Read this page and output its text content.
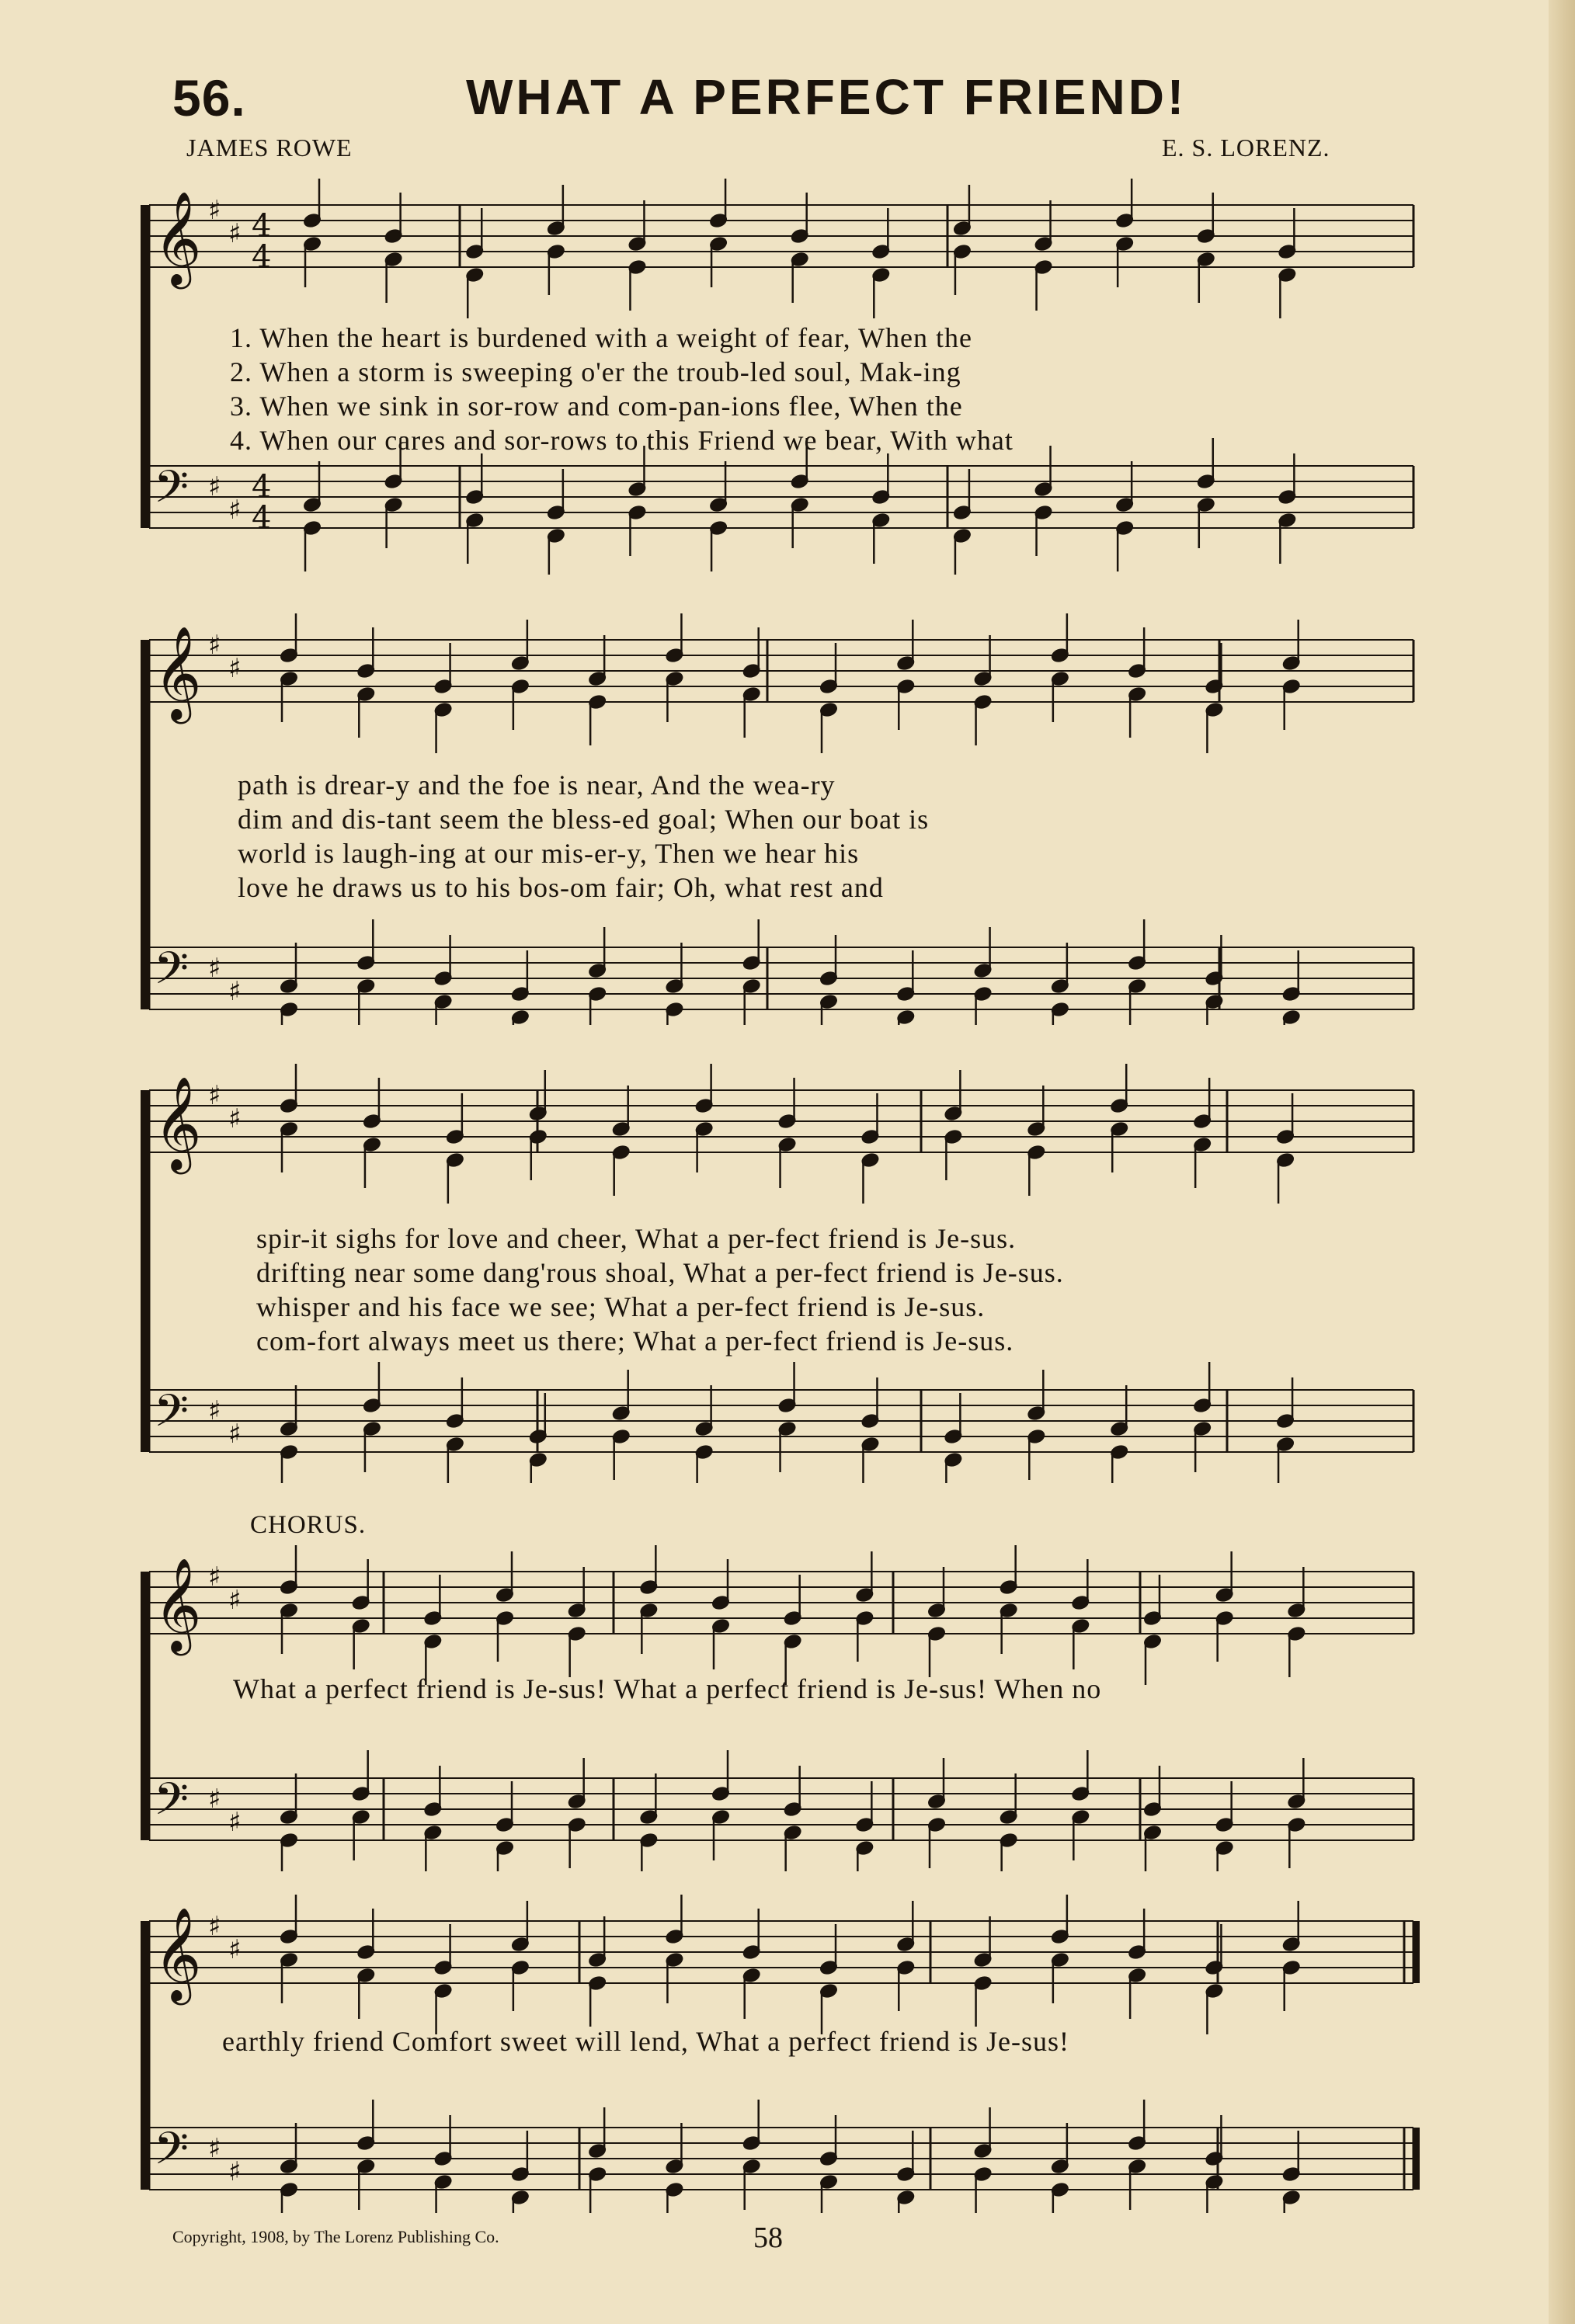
56.	WHAT A PERFECT FRIEND!
JAMES ROWE	E. S. LORENZ.
𝄞 ♯
♯ 4
4
𝄢 ♯
♯
4
4
1. When the heart is burdened with a weight of fear, When the
2. When a storm is sweeping o'er the troub-led soul, Mak-ing
3. When we sink in sor-row and com-pan-ions flee, When the
4. When our cares and sor-rows to this Friend we bear, With what
𝄞 ♯
♯
𝄢 ♯
♯
path is drear-y and the foe is near, And the wea-ry
dim and dis-tant seem the bless-ed goal; When our boat is
world is laugh-ing at our mis-er-y, Then we hear his
love he draws us to his bos-om fair; Oh, what rest and
𝄞 ♯
♯
𝄢 ♯
♯
spir-it sighs for love and cheer, What a per-fect friend is Je-sus.
drifting near some dang'rous shoal, What a per-fect friend is Je-sus.
whisper and his face we see; What a per-fect friend is Je-sus.
com-fort always meet us there; What a per-fect friend is Je-sus.
CHORUS.
𝄞 ♯
♯
𝄢 ♯
♯
What a perfect friend is Je-sus! What a perfect friend is Je-sus! When no
𝄞 ♯
♯
𝄢 ♯
♯
earthly friend Comfort sweet will lend, What a perfect friend is Je-sus!
Copyright, 1908, by The Lorenz Publishing Co.	58
